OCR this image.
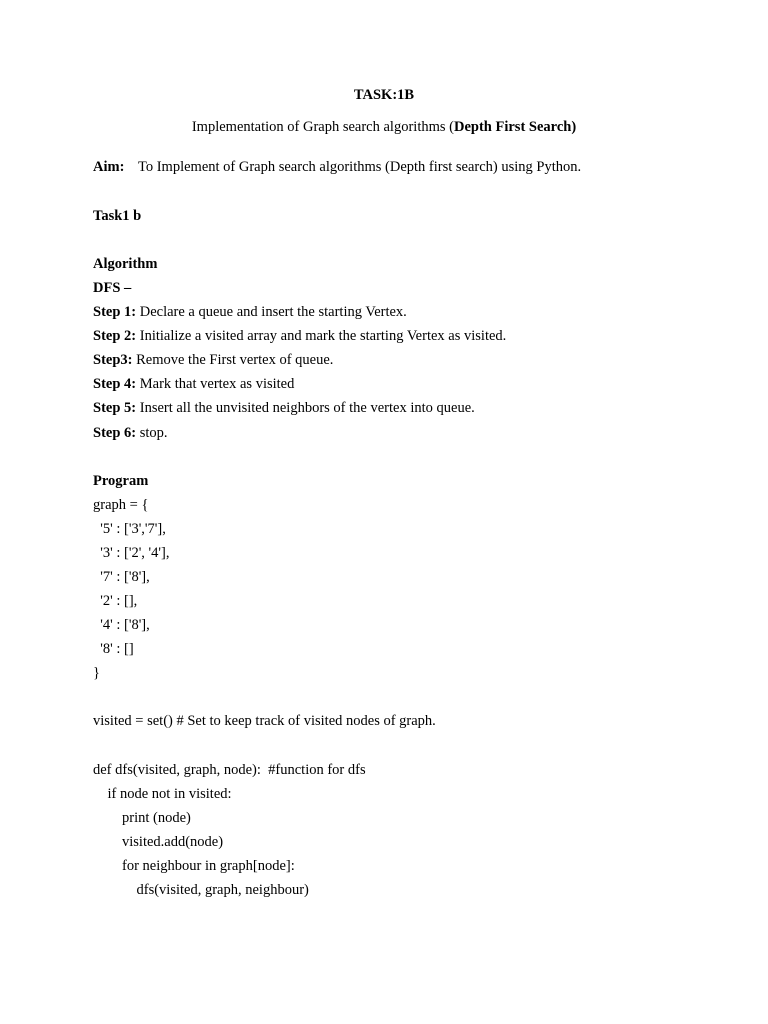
TASK:1B
Implementation of Graph search algorithms (Depth First Search)
Aim: To Implement of Graph search algorithms (Depth first search) using Python.
Task1 b
Algorithm
DFS –
Step 1: Declare a queue and insert the starting Vertex.
Step 2: Initialize a visited array and mark the starting Vertex as visited.
Step3: Remove the First vertex of queue.
Step 4: Mark that vertex as visited
Step 5: Insert all the unvisited neighbors of the vertex into queue.
Step 6: stop.
Program
graph = {
'5' : ['3','7'],
'3' : ['2', '4'],
'7' : ['8'],
'2' : [],
'4' : ['8'],
'8' : []
}
visited = set() # Set to keep track of visited nodes of graph.
def dfs(visited, graph, node):  #function for dfs
if node not in visited:
print (node)
visited.add(node)
for neighbour in graph[node]:
dfs(visited, graph, neighbour)
